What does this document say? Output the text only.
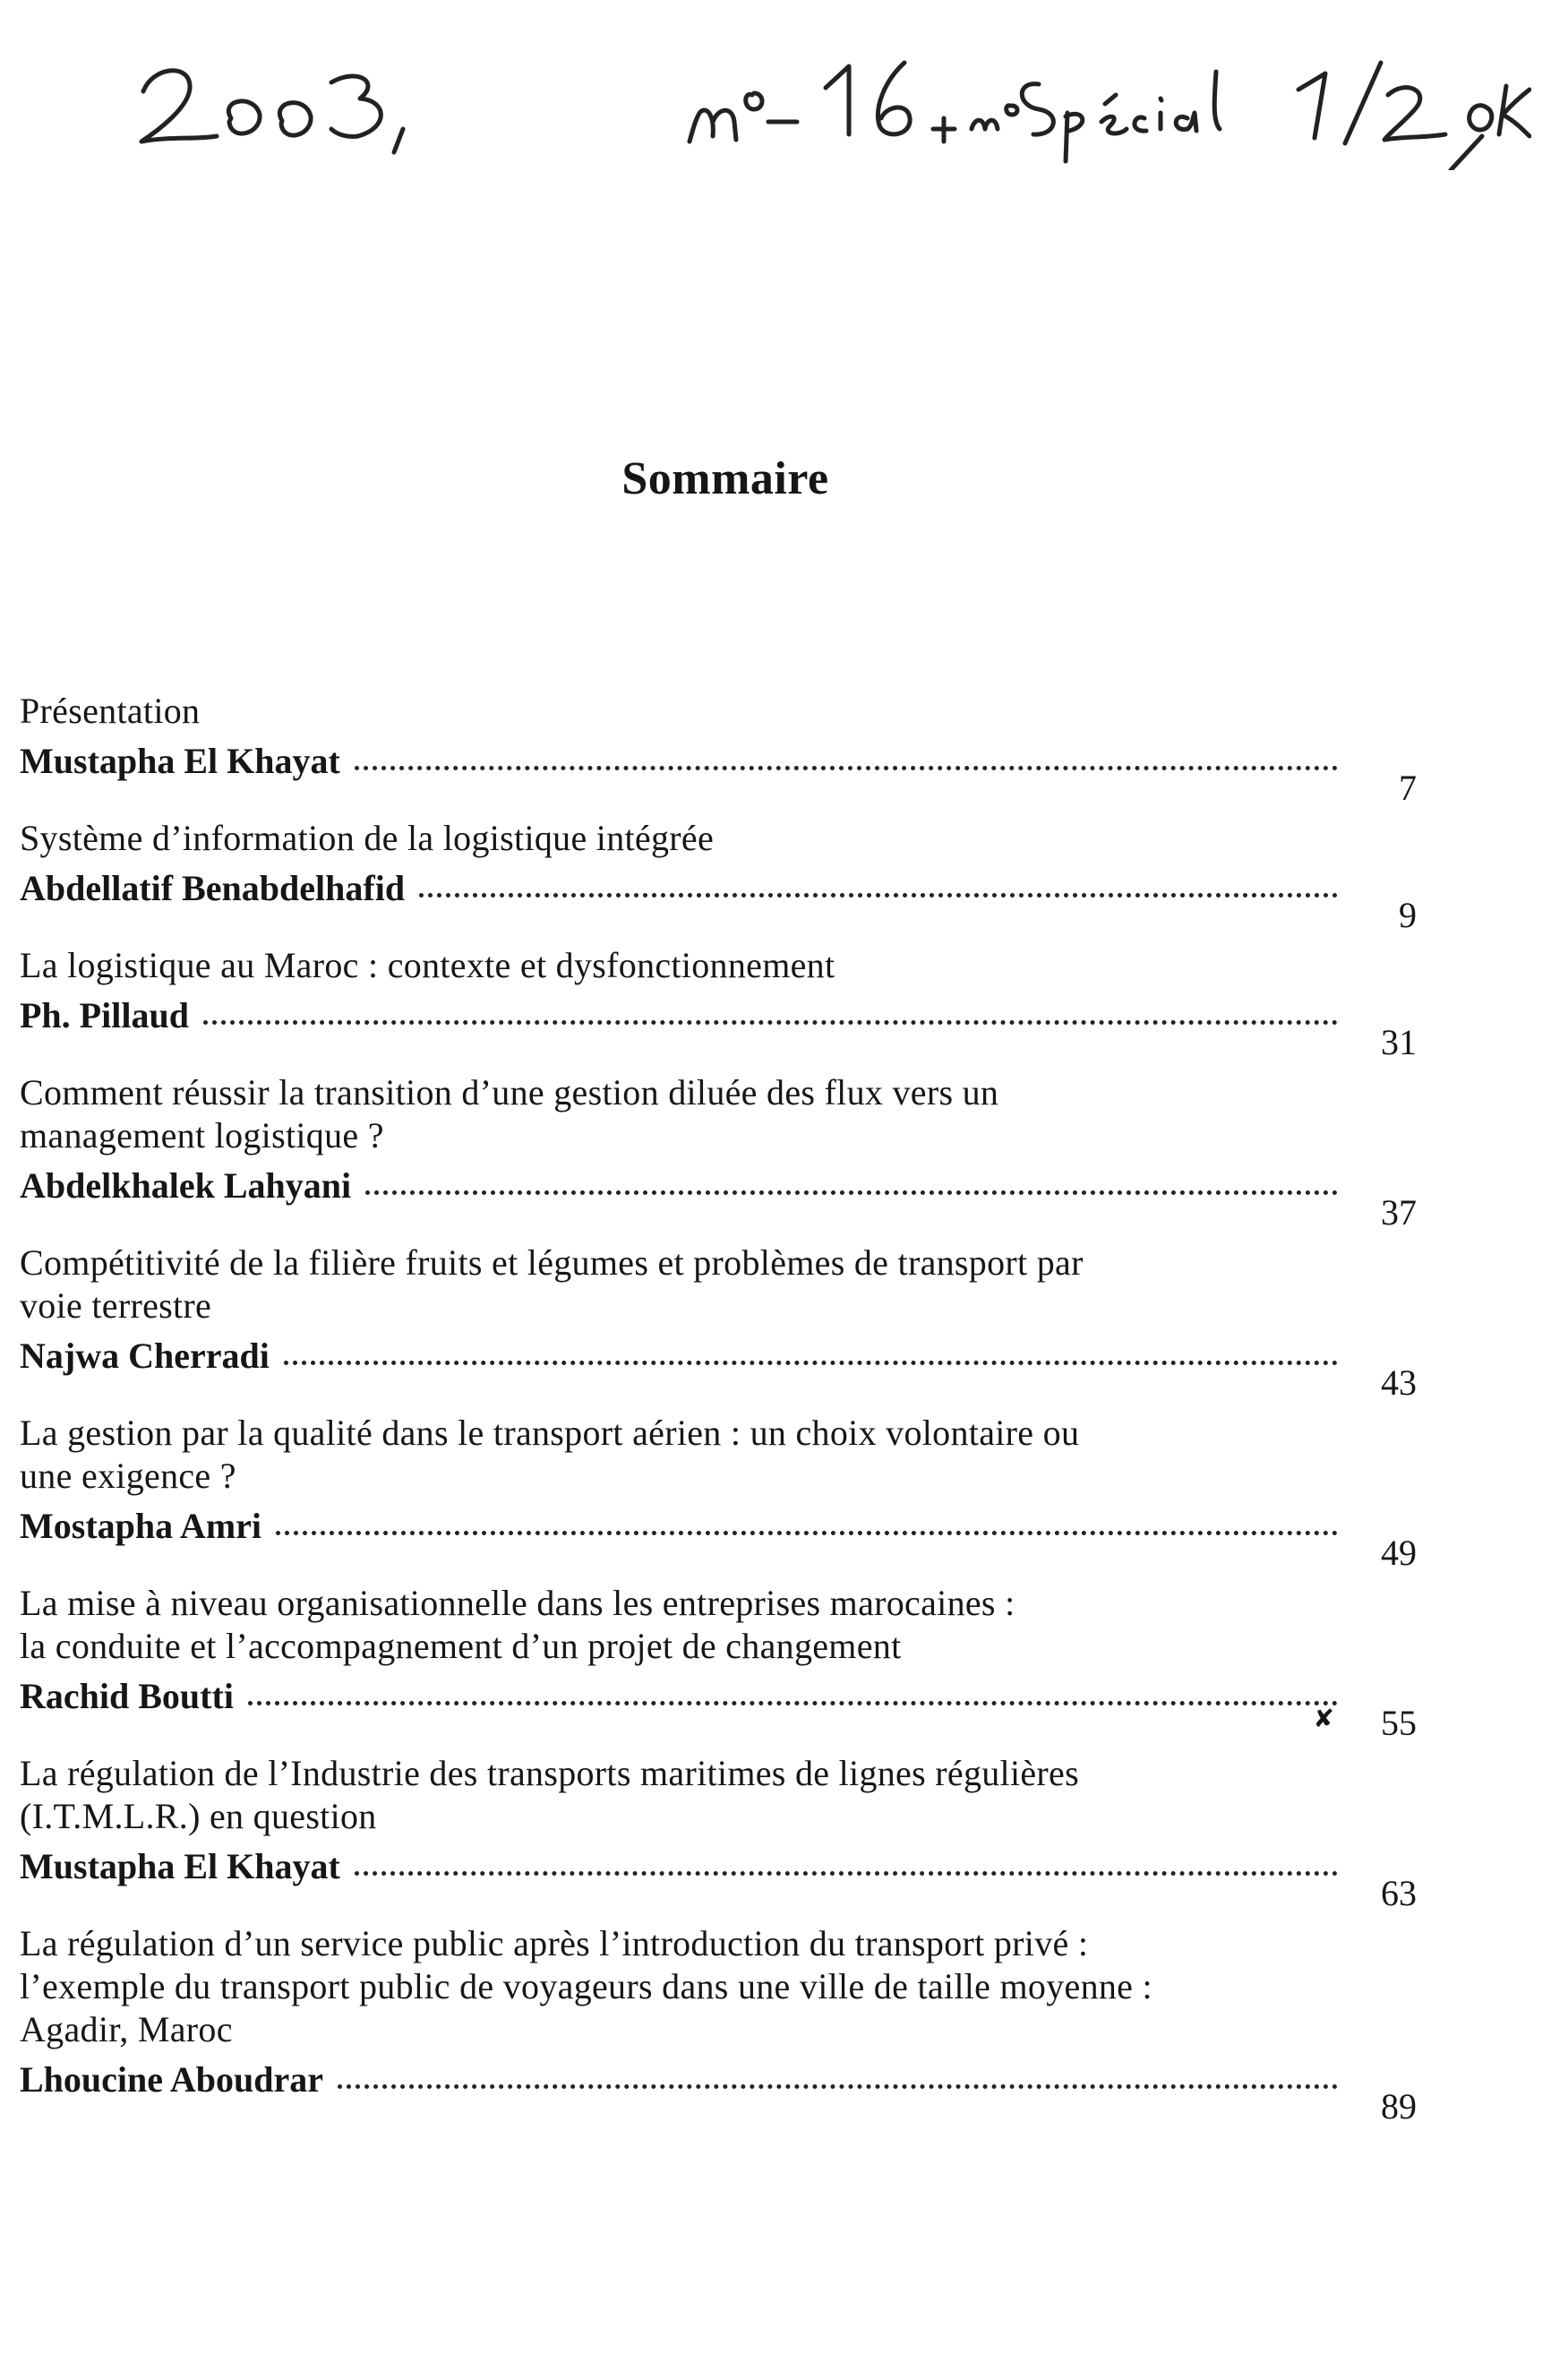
Sommaire
Présentation
Mustapha El Khayat
7
Système d’information de la logistique intégrée
Abdellatif Benabdelhafid
9
La logistique au Maroc : contexte et dysfonctionnement
Ph. Pillaud
31
Comment réussir la transition d’une gestion diluée des flux vers un
management logistique ?
Abdelkhalek Lahyani
37
Compétitivité de la filière fruits et légumes et problèmes de transport par
voie terrestre
Najwa Cherradi
43
La gestion par la qualité dans le transport aérien : un choix volontaire ou
une exigence ?
Mostapha Amri
49
La mise à niveau organisationnelle dans les entreprises marocaines :
la conduite et l’accompagnement d’un projet de changement
Rachid Boutti
55
✘
La régulation de l’Industrie des transports maritimes de lignes régulières
(I.T.M.L.R.) en question
Mustapha El Khayat
63
La régulation d’un service public après l’introduction du transport privé :
l’exemple du transport public de voyageurs dans une ville de taille moyenne :
Agadir, Maroc
Lhoucine Aboudrar
89
